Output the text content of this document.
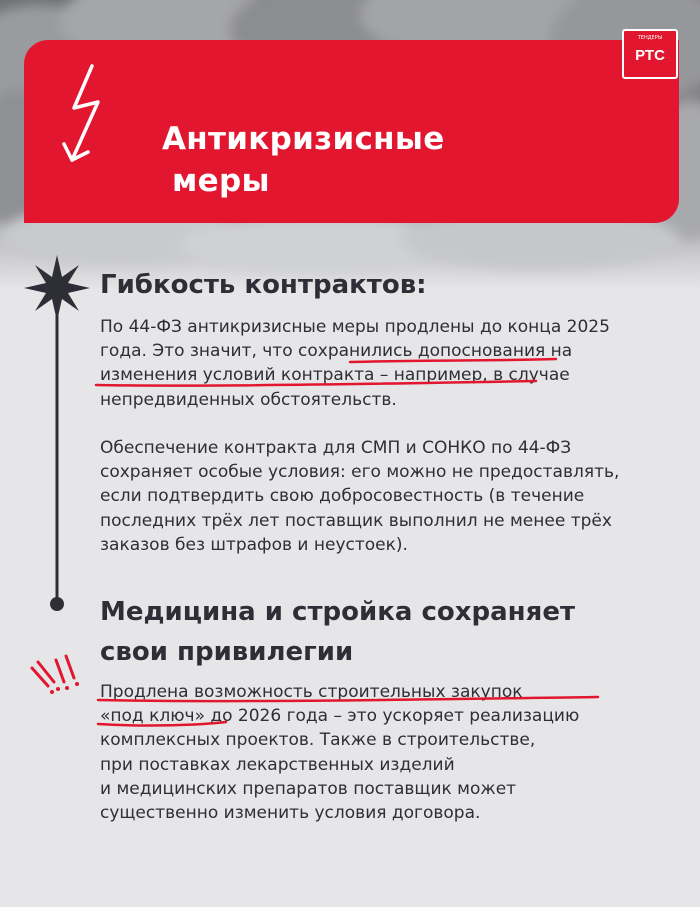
Антикризисные
меры
ТЕНДЕРЫ
РТС
Гибкость контрактов:

По 44-ФЗ антикризисные меры продлены до конца 2025
года. Это значит, что сохранились допоснования на
изменения условий контракта – например, в случае
непредвиденных обстоятельств.

Обеспечение контракта для СМП и СОНКО по 44-ФЗ
сохраняет особые условия: его можно не предоставлять,
если подтвердить свою добросовестность (в течение
последних трёх лет поставщик выполнил не менее трёх
заказов без штрафов и неустоек).

Медицина и стройка сохраняет
свои привилегии

Продлена возможность строительных закупок
«под ключ» до 2026 года – это ускоряет реализацию
комплексных проектов. Также в строительстве,
при поставках лекарственных изделий
и медицинских препаратов поставщик может
существенно изменить условия договора.
